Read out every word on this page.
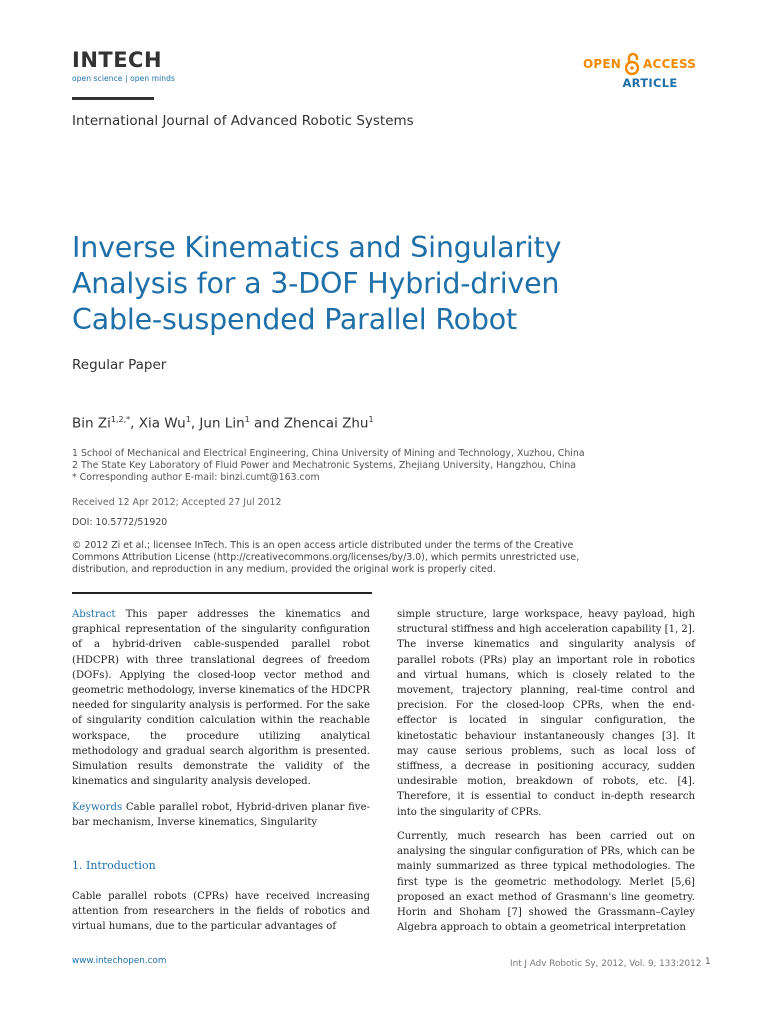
INTECH
open science | open minds
OPEN ACCESS
ARTICLE
International Journal of Advanced Robotic Systems
Inverse Kinematics and Singularity
Analysis for a 3-DOF Hybrid-driven
Cable-suspended Parallel Robot
Regular Paper
Bin $Zi^{1,2,*}$, Xia Wu$^1$, Jun Lin$^1$ and Zhencai Zhu$^1$
1 School of Mechanical and Electrical Engineering, China University of Mining and Technology, Xuzhou, China
2 The State Key Laboratory of Fluid Power and Mechatronic Systems, Zhejiang University, Hangzhou, China
* Corresponding author E-mail: binzi.cumt@163.com
Received 12 Apr 2012; Accepted 27 Jul 2012
DOI: 10.5772/51920
© 2012 Zi et al.; licensee InTech. This is an open access article distributed under the terms of the Creative
Commons Attribution License (http://creativecommons.org/licenses/by/3.0), which permits unrestricted use,
distribution, and reproduction in any medium, provided the original work is properly cited.

Abstract This paper addresses the kinematics and graphical representation of the singularity configuration of a hybrid-driven cable-suspended parallel robot (HDCPR) with three translational degrees of freedom (DOFs). Applying the closed-loop vector method and geometric methodology, inverse kinematics of the HDCPR needed for singularity analysis is performed. For the sake of singularity condition calculation within the reachable workspace, the procedure utilizing analytical methodology and gradual search algorithm is presented. Simulation results demonstrate the validity of the kinematics and singularity analysis developed.

Keywords Cable parallel robot, Hybrid-driven planar five-bar mechanism, Inverse kinematics, Singularity

1. Introduction

Cable parallel robots (CPRs) have received increasing attention from researchers in the fields of robotics and virtual humans, due to the particular advantages of

simple structure, large workspace, heavy payload, high structural stiffness and high acceleration capability [1, 2]. The inverse kinematics and singularity analysis of parallel robots (PRs) play an important role in robotics and virtual humans, which is closely related to the movement, trajectory planning, real-time control and precision. For the closed-loop CPRs, when the end-effector is located in singular configuration, the kinetostatic behaviour instantaneously changes [3]. It may cause serious problems, such as local loss of stiffness, a decrease in positioning accuracy, sudden undesirable motion, breakdown of robots, etc. [4]. Therefore, it is essential to conduct in-depth research into the singularity of CPRs.

Currently, much research has been carried out on analysing the singular configuration of PRs, which can be mainly summarized as three typical methodologies. The first type is the geometric methodology. Merlet [5,6] proposed an exact method of Grasmann's line geometry. Horin and Shoham [7] showed the Grassmann–Cayley Algebra approach to obtain a geometrical interpretation

www.intechopen.com	Int J Adv Robotic Sy, 2012, Vol. 9, 133:2012 1
